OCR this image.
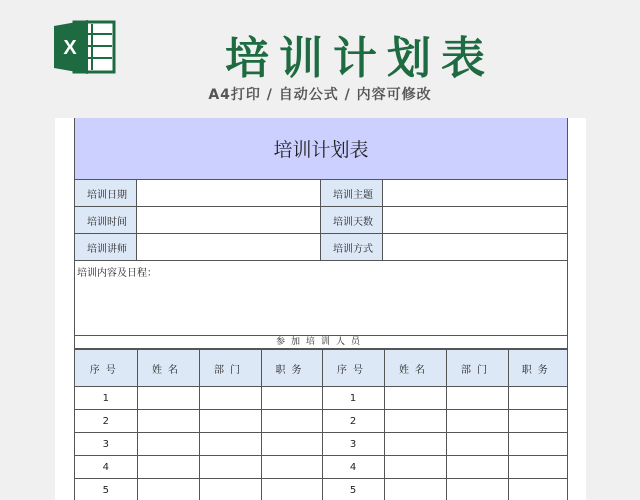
X	培训计划表
A4打印 / 自动公式 / 内容可修改
培训计划表
培训日期	培训主题
培训时间	培训天数
培训讲师	培训方式
培训内容及日程：
参加培训人员
序号	姓名	部门	职务	序号	姓名	部门	职务
1				1			
2				2			
3				3			
4				4			
5				5			
